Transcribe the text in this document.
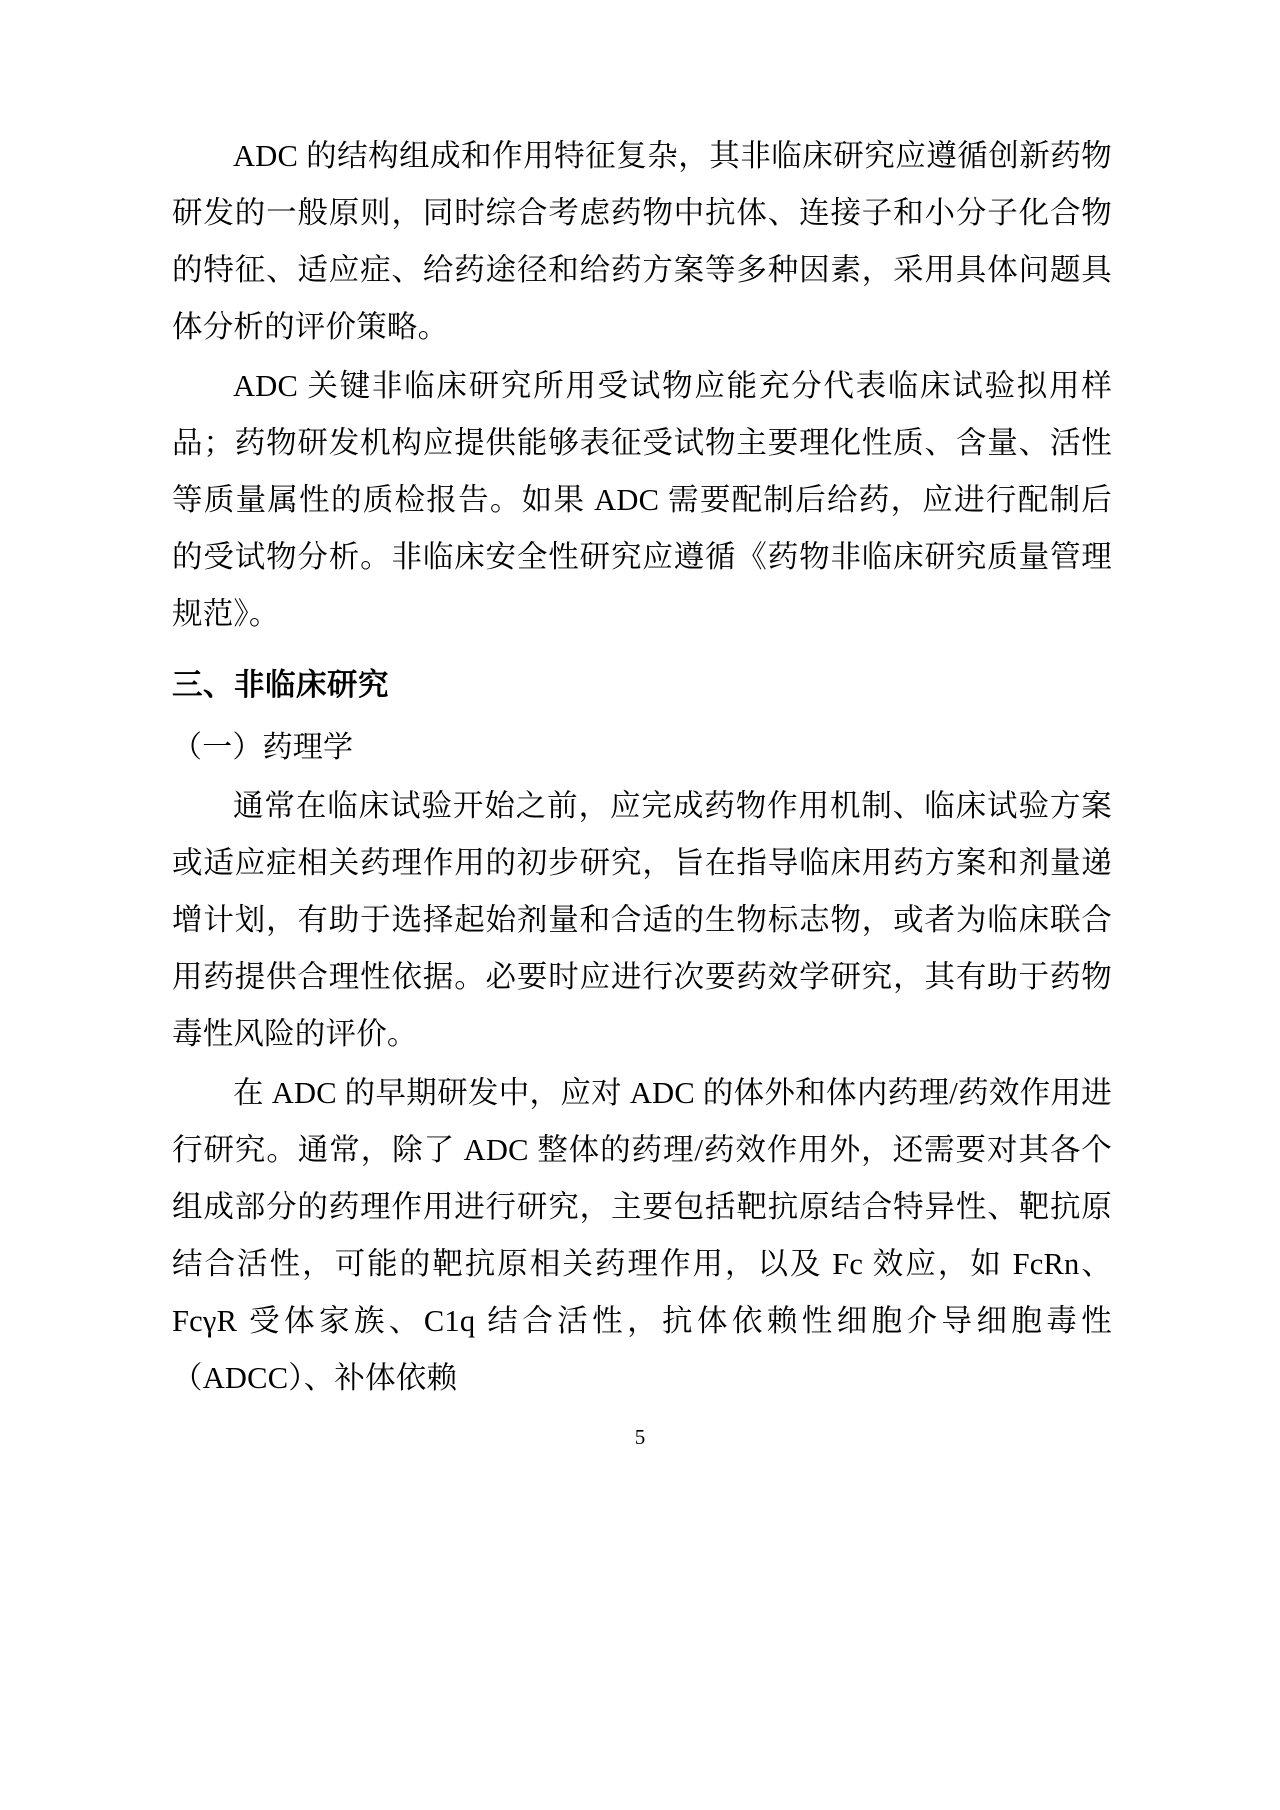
ADC 的结构组成和作用特征复杂，其非临床研究应遵循创新药物研发的一般原则，同时综合考虑药物中抗体、连接子和小分子化合物的特征、适应症、给药途径和给药方案等多种因素，采用具体问题具体分析的评价策略。

ADC 关键非临床研究所用受试物应能充分代表临床试验拟用样品；药物研发机构应提供能够表征受试物主要理化性质、含量、活性等质量属性的质检报告。如果 ADC 需要配制后给药，应进行配制后的受试物分析。非临床安全性研究应遵循《药物非临床研究质量管理规范》。

三、非临床研究
（一）药理学

通常在临床试验开始之前，应完成药物作用机制、临床试验方案或适应症相关药理作用的初步研究，旨在指导临床用药方案和剂量递增计划，有助于选择起始剂量和合适的生物标志物，或者为临床联合用药提供合理性依据。必要时应进行次要药效学研究，其有助于药物毒性风险的评价。

在 ADC 的早期研发中，应对 ADC 的体外和体内药理/药效作用进行研究。通常，除了 ADC 整体的药理/药效作用外，还需要对其各个组成部分的药理作用进行研究，主要包括靶抗原结合特异性、靶抗原结合活性，可能的靶抗原相关药理作用，以及 Fc 效应，如 FcRn、FcγR 受体家族、C1q 结合活性，抗体依赖性细胞介导细胞毒性（ADCC）、补体依赖

5
